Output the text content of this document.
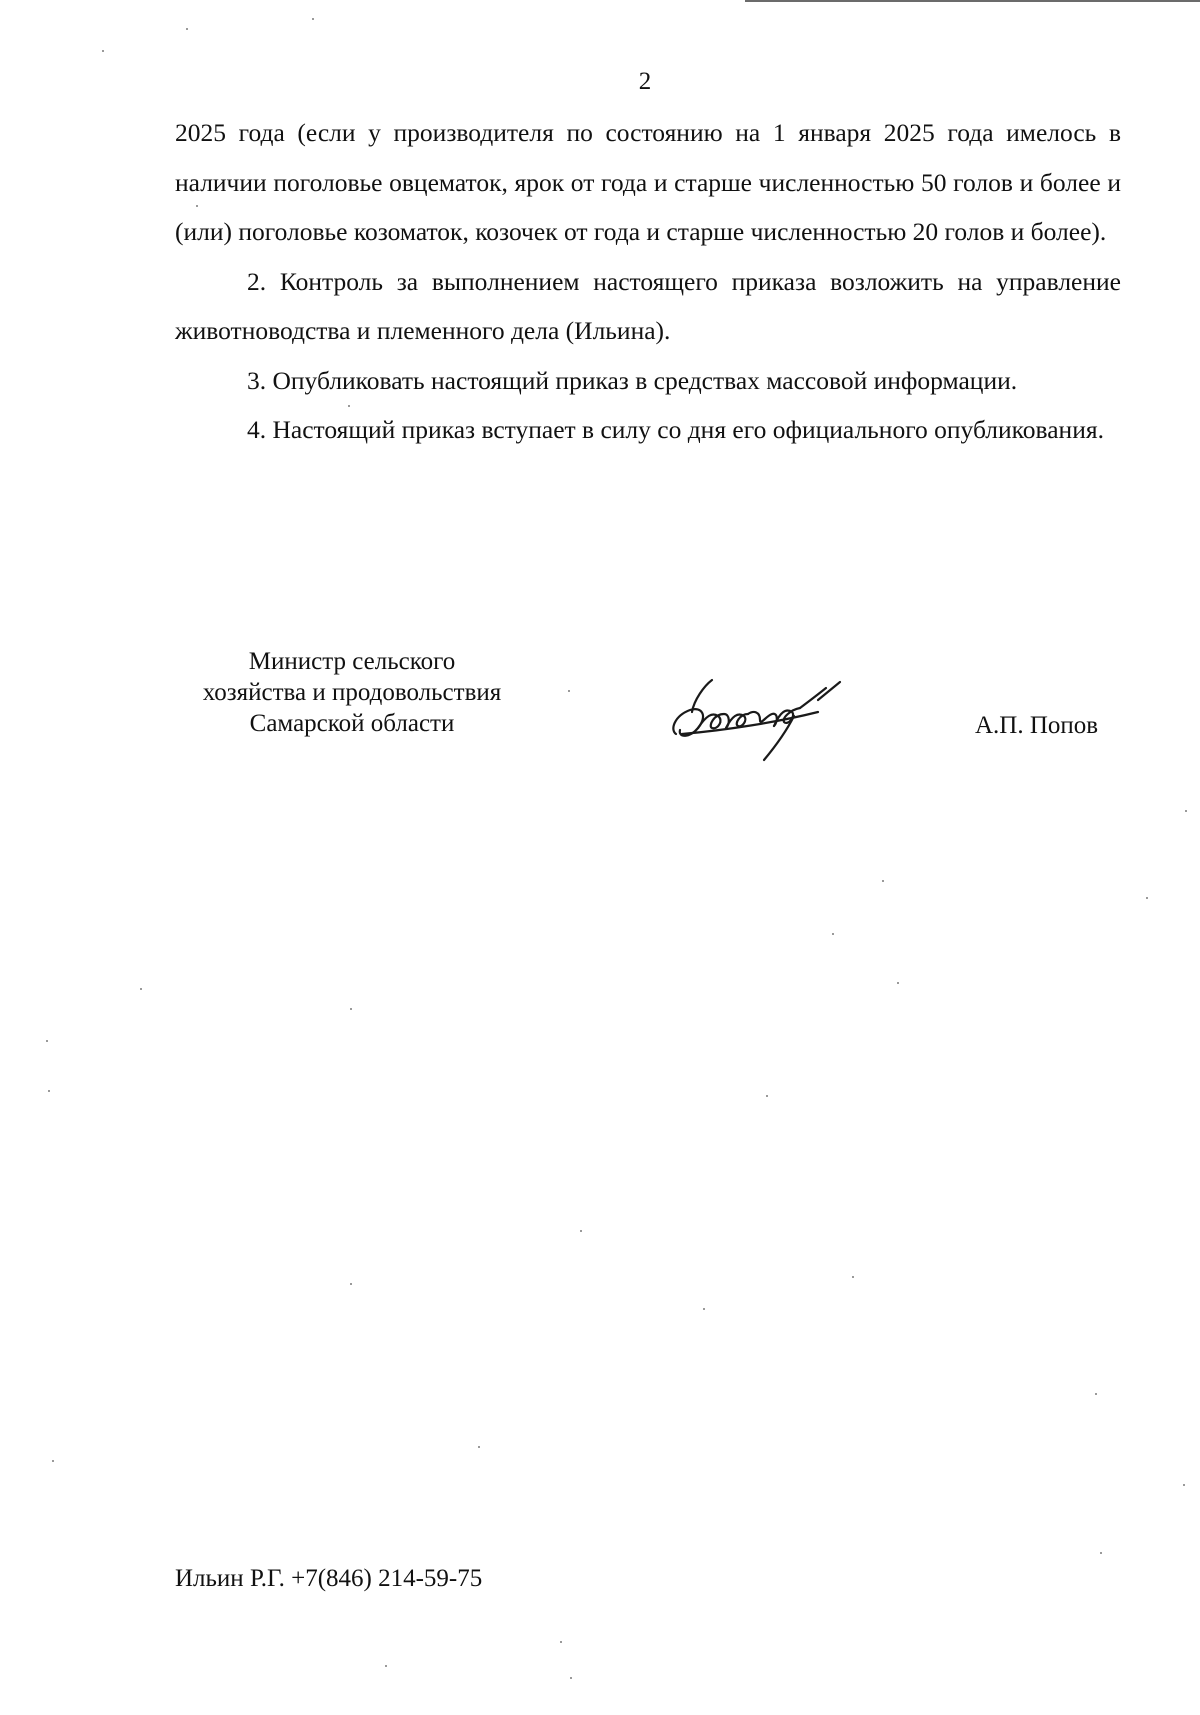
2

2025 года (если у производителя по состоянию на 1 января 2025 года имелось в наличии поголовье овцематок, ярок от года и старше численностью 50 голов и более и (или) поголовье козоматок, козочек от года и старше численностью 20 голов и более).

2. Контроль за выполнением настоящего приказа возложить на управление животноводства и племенного дела (Ильина).

3. Опубликовать настоящий приказ в средствах массовой информации.

4. Настоящий приказ вступает в силу со дня его официального опубликования.

Министр сельского
хозяйства и продовольствия
Самарской области	А.П. Попов
Ильин Р.Г. +7(846) 214-59-75
